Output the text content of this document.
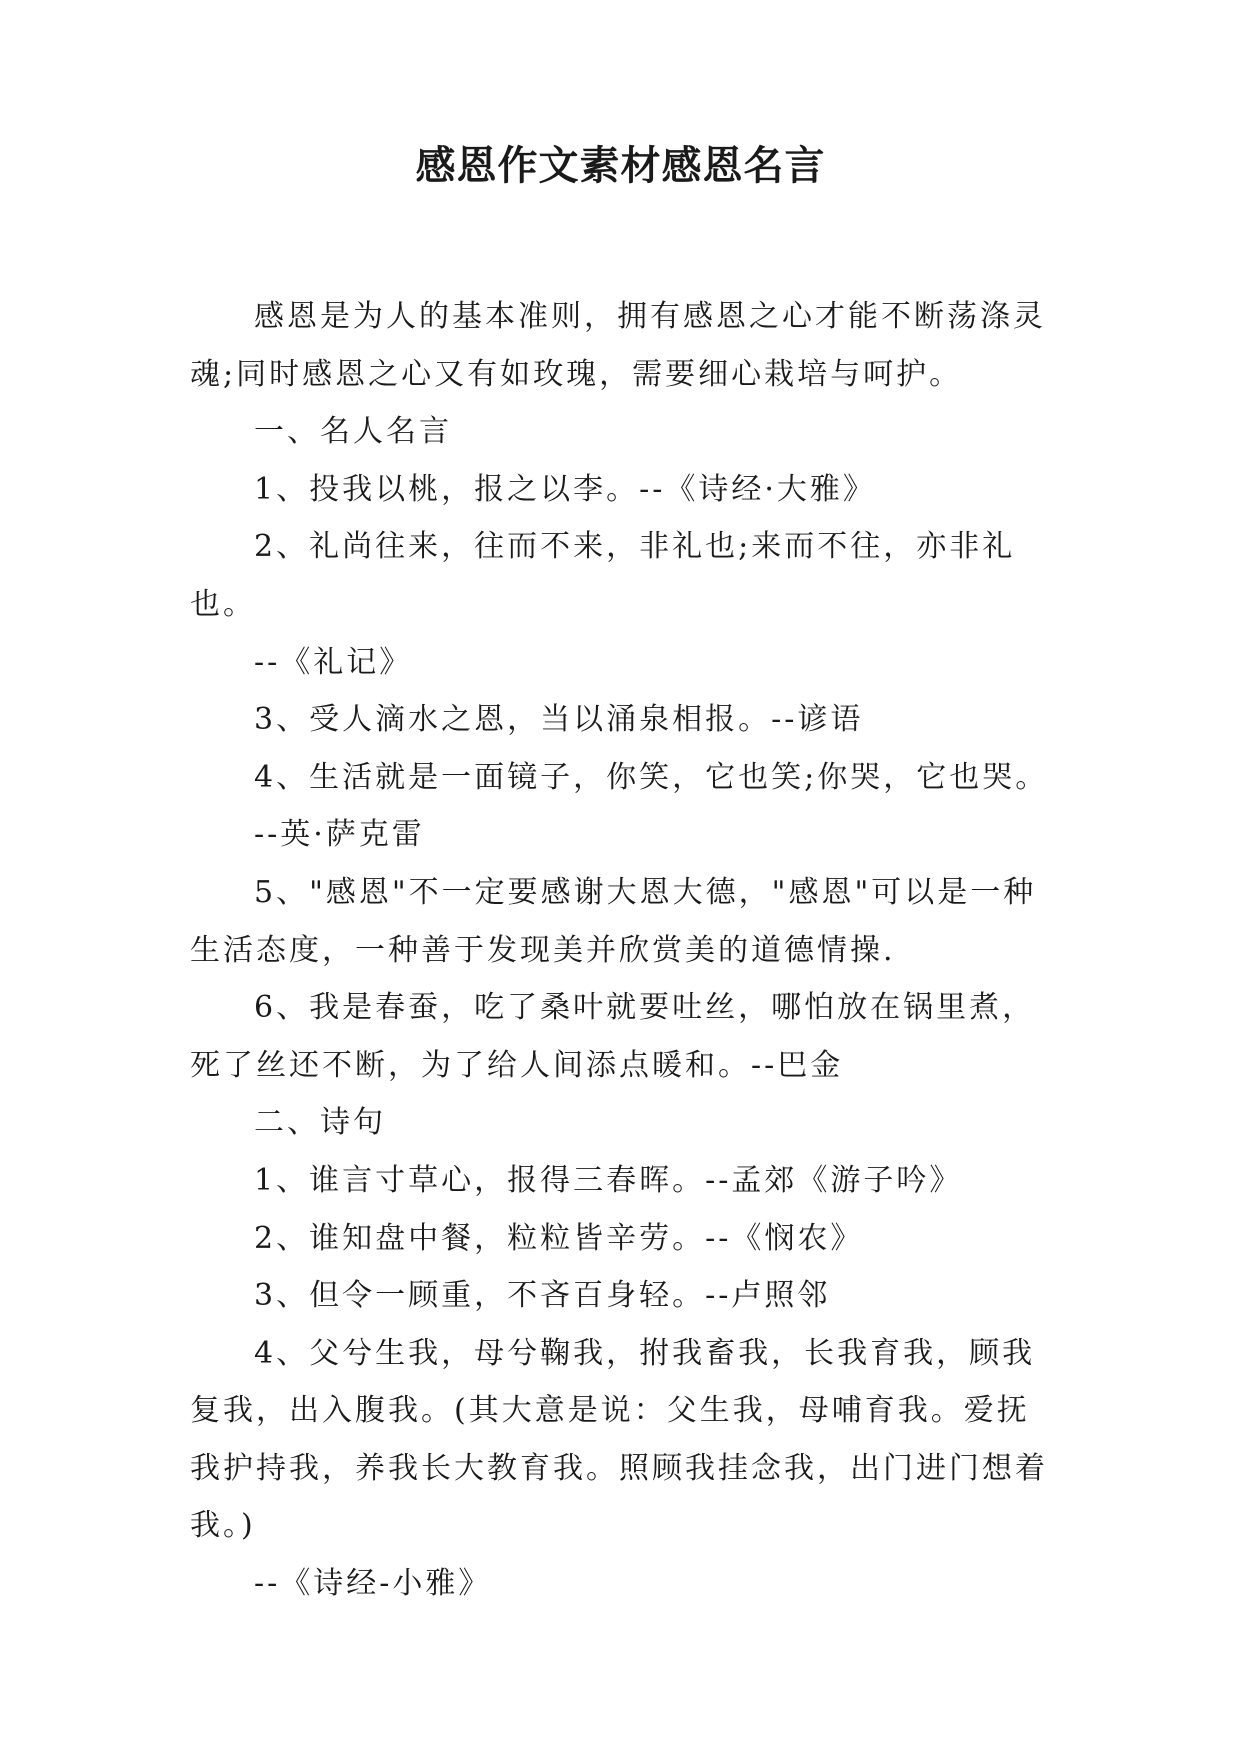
感恩作文素材感恩名言

感恩是为人的基本准则，拥有感恩之心才能不断荡涤灵魂;同时感恩之心又有如玫瑰，需要细心栽培与呵护。

一、名人名言

1、投我以桃，报之以李。--《诗经·大雅》

2、礼尚往来，往而不来，非礼也;来而不往，亦非礼也。

--《礼记》

3、受人滴水之恩，当以涌泉相报。--谚语

4、生活就是一面镜子，你笑，它也笑;你哭，它也哭。

--英·萨克雷

5、"感恩"不一定要感谢大恩大德，"感恩"可以是一种生活态度，一种善于发现美并欣赏美的道德情操.

6、我是春蚕，吃了桑叶就要吐丝，哪怕放在锅里煮，死了丝还不断，为了给人间添点暖和。--巴金

二、诗句

1、谁言寸草心，报得三春晖。--孟郊《游子吟》

2、谁知盘中餐，粒粒皆辛劳。--《悯农》

3、但令一顾重，不吝百身轻。--卢照邻

4、父兮生我，母兮鞠我，拊我畜我，长我育我，顾我复我，出入腹我。(其大意是说：父生我，母哺育我。爱抚我护持我，养我长大教育我。照顾我挂念我，出门进门想着我。)

--《诗经-小雅》
